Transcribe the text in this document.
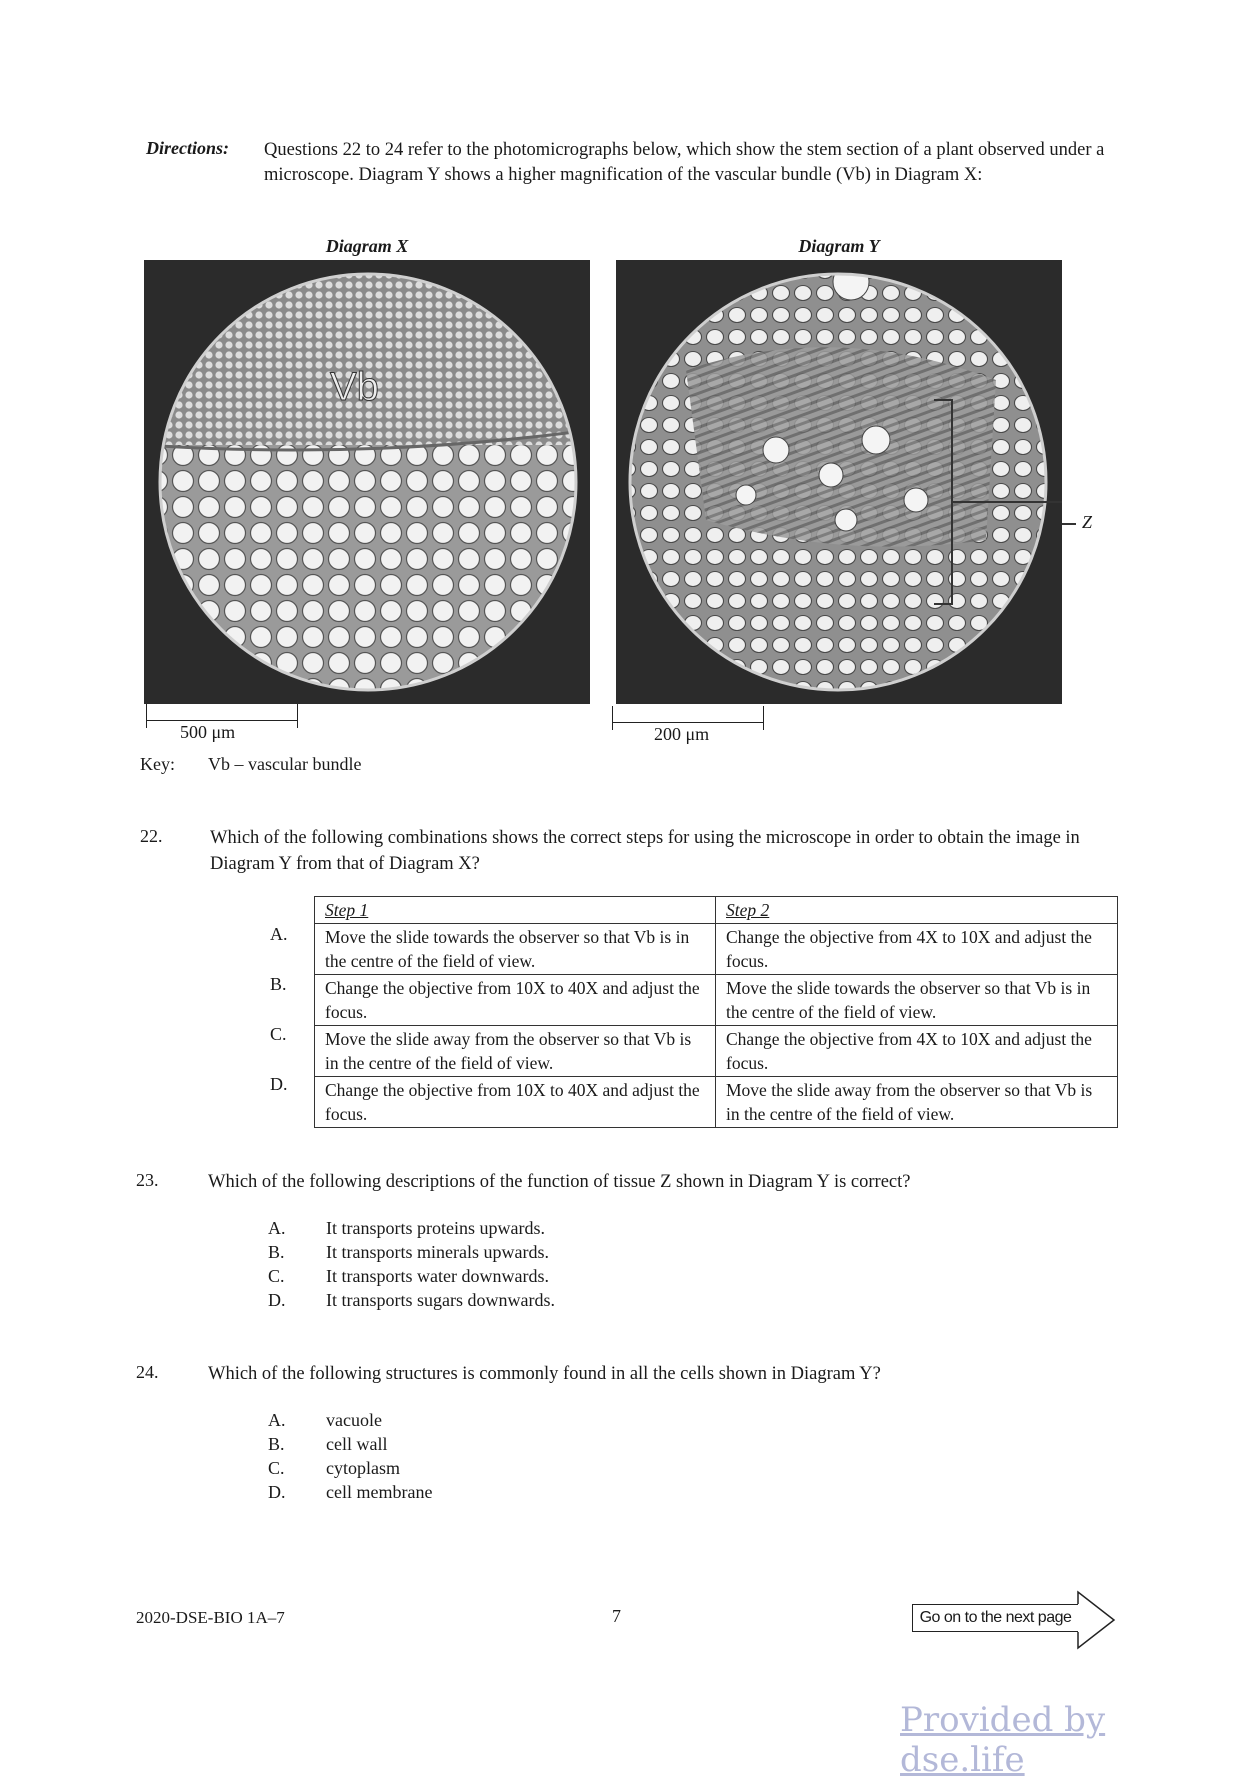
Directions: Questions 22 to 24 refer to the photomicrographs below, which show the stem section of a plant observed under a microscope. Diagram Y shows a higher magnification of the vascular bundle (Vb) in Diagram X:
Diagram X
Vb
500 μm
Diagram Y
Z
200 μm
Key: Vb – vascular bundle
22.	Which of the following combinations shows the correct steps for using the microscope in order to obtain the image in Diagram Y from that of Diagram X?
A.
B.
C.
D.
Step 1	Step 2
Move the slide towards the observer so that Vb is in the centre of the field of view.	Change the objective from 4X to 10X and adjust the focus.
Change the objective from 10X to 40X and adjust the focus.	Move the slide towards the observer so that Vb is in the centre of the field of view.
Move the slide away from the observer so that Vb is in the centre of the field of view.	Change the objective from 4X to 10X and adjust the focus.
Change the objective from 10X to 40X and adjust the focus.	Move the slide away from the observer so that Vb is in the centre of the field of view.
23.	Which of the following descriptions of the function of tissue Z shown in Diagram Y is correct?
A. It transports proteins upwards.
B. It transports minerals upwards.
C. It transports water downwards.
D. It transports sugars downwards.
24.	Which of the following structures is commonly found in all the cells shown in Diagram Y?
A. vacuole
B. cell wall
C. cytoplasm
D. cell membrane
2020-DSE-BIO 1A–7	7	Go on to the next page
Provided by dse.life
